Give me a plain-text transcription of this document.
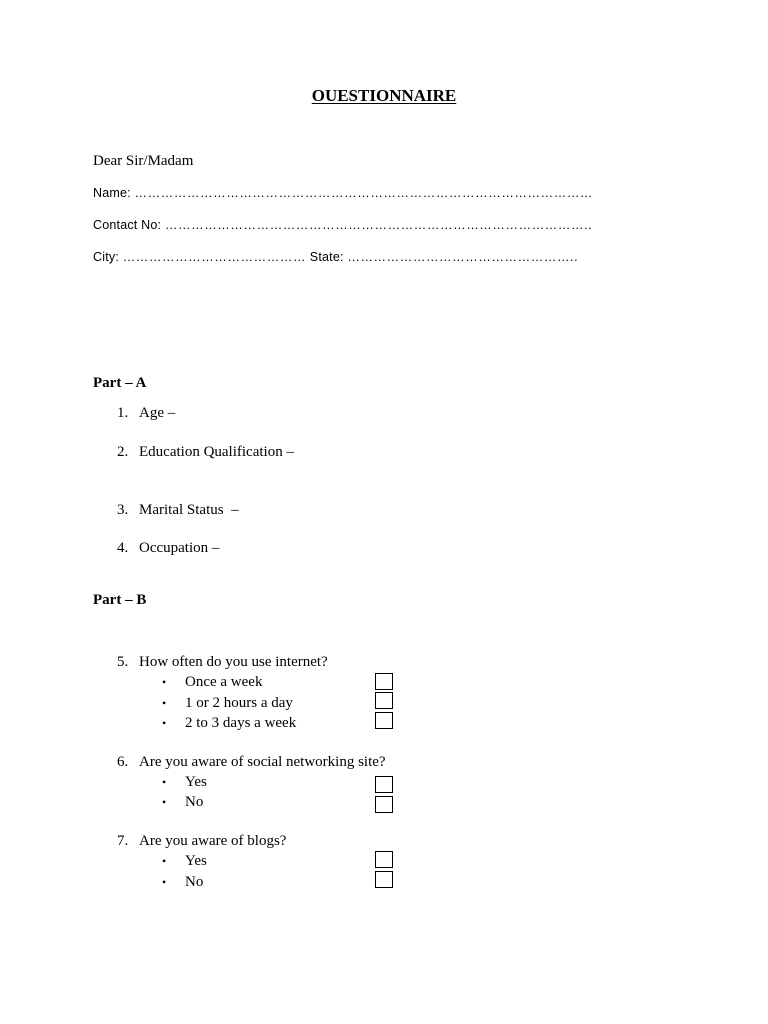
OUESTIONNAIRE
Dear Sir/Madam
Name: ……………………………………………………………………………………………
Contact No: ……………………………………………………………………………………..
City: …………………………………… State: ……………………………………………..
Part – A
1. Age –
2. Education Qualification –
3. Marital Status  –
4. Occupation –
Part – B
5. How often do you use internet?
• Once a week
• 1 or 2 hours a day
• 2 to 3 days a week
6. Are you aware of social networking site?
• Yes
• No
7. Are you aware of blogs?
• Yes
• No
